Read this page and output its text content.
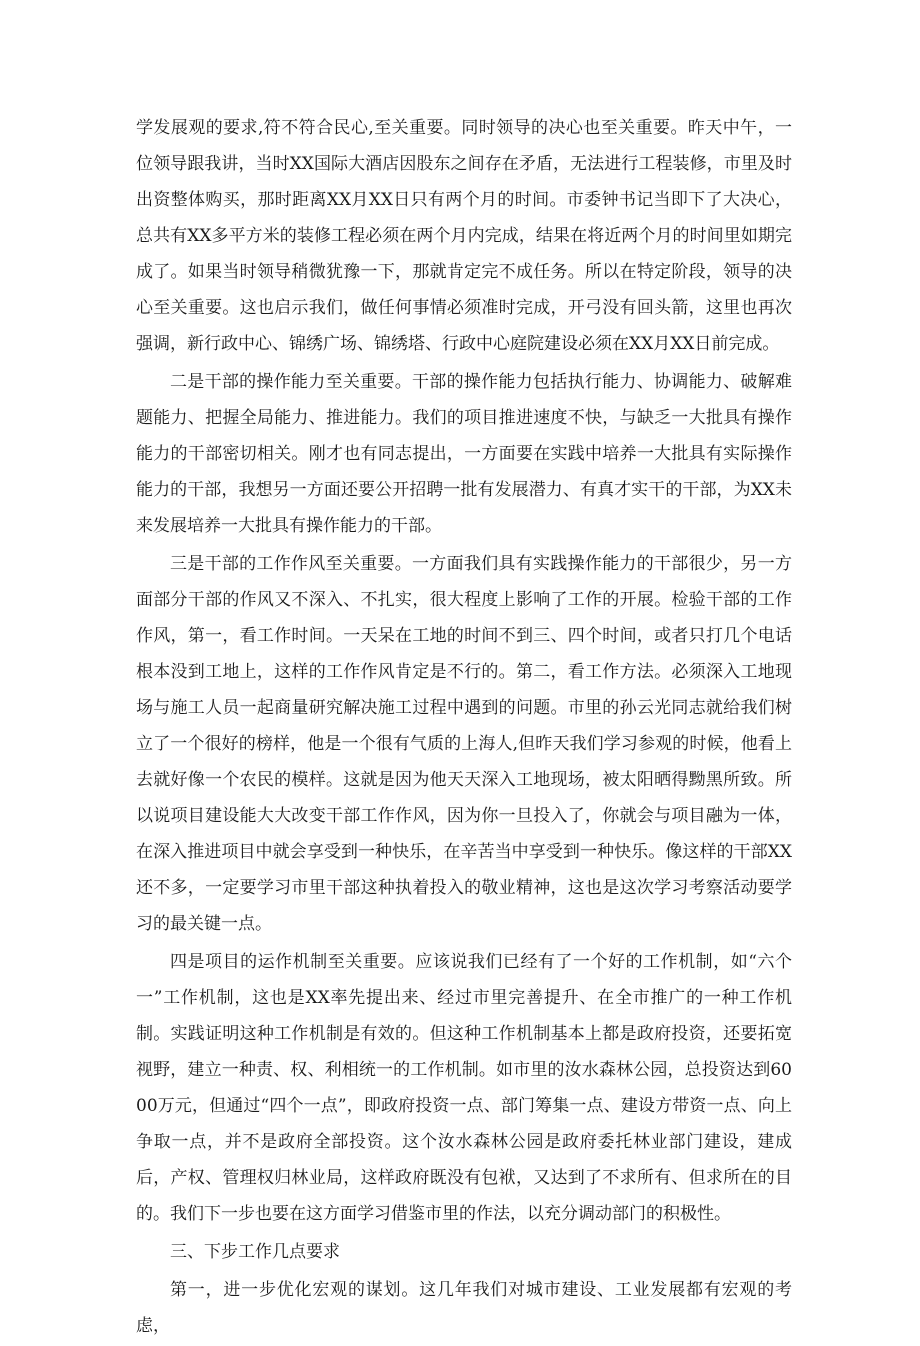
学发展观的要求,符不符合民心,至关重要。同时领导的决心也至关重要。昨天中午，一位领导跟我讲，当时XX国际大酒店因股东之间存在矛盾，无法进行工程装修，市里及时出资整体购买，那时距离XX月XX日只有两个月的时间。市委钟书记当即下了大决心，总共有XX多平方米的装修工程必须在两个月内完成，结果在将近两个月的时间里如期完成了。如果当时领导稍微犹豫一下，那就肯定完不成任务。所以在特定阶段，领导的决心至关重要。这也启示我们，做任何事情必须准时完成，开弓没有回头箭，这里也再次强调，新行政中心、锦绣广场、锦绣塔、行政中心庭院建设必须在XX月XX日前完成。

二是干部的操作能力至关重要。干部的操作能力包括执行能力、协调能力、破解难题能力、把握全局能力、推进能力。我们的项目推进速度不快，与缺乏一大批具有操作能力的干部密切相关。刚才也有同志提出，一方面要在实践中培养一大批具有实际操作能力的干部，我想另一方面还要公开招聘一批有发展潜力、有真才实干的干部，为XX未来发展培养一大批具有操作能力的干部。

三是干部的工作作风至关重要。一方面我们具有实践操作能力的干部很少，另一方面部分干部的作风又不深入、不扎实，很大程度上影响了工作的开展。检验干部的工作作风，第一，看工作时间。一天呆在工地的时间不到三、四个时间，或者只打几个电话根本没到工地上，这样的工作作风肯定是不行的。第二，看工作方法。必须深入工地现场与施工人员一起商量研究解决施工过程中遇到的问题。市里的孙云光同志就给我们树立了一个很好的榜样，他是一个很有气质的上海人,但昨天我们学习参观的时候，他看上去就好像一个农民的模样。这就是因为他天天深入工地现场，被太阳晒得黝黑所致。所以说项目建设能大大改变干部工作作风，因为你一旦投入了，你就会与项目融为一体，在深入推进项目中就会享受到一种快乐，在辛苦当中享受到一种快乐。像这样的干部XX还不多，一定要学习市里干部这种执着投入的敬业精神，这也是这次学习考察活动要学习的最关键一点。

四是项目的运作机制至关重要。应该说我们已经有了一个好的工作机制，如“六个一”工作机制，这也是XX率先提出来、经过市里完善提升、在全市推广的一种工作机制。实践证明这种工作机制是有效的。但这种工作机制基本上都是政府投资，还要拓宽视野，建立一种责、权、利相统一的工作机制。如市里的汝水森林公园，总投资达到6000万元，但通过“四个一点”，即政府投资一点、部门筹集一点、建设方带资一点、向上争取一点，并不是政府全部投资。这个汝水森林公园是政府委托林业部门建设，建成后，产权、管理权归林业局，这样政府既没有包袱，又达到了不求所有、但求所在的目的。我们下一步也要在这方面学习借鉴市里的作法，以充分调动部门的积极性。

三、下步工作几点要求

第一，进一步优化宏观的谋划。这几年我们对城市建设、工业发展都有宏观的考虑，
